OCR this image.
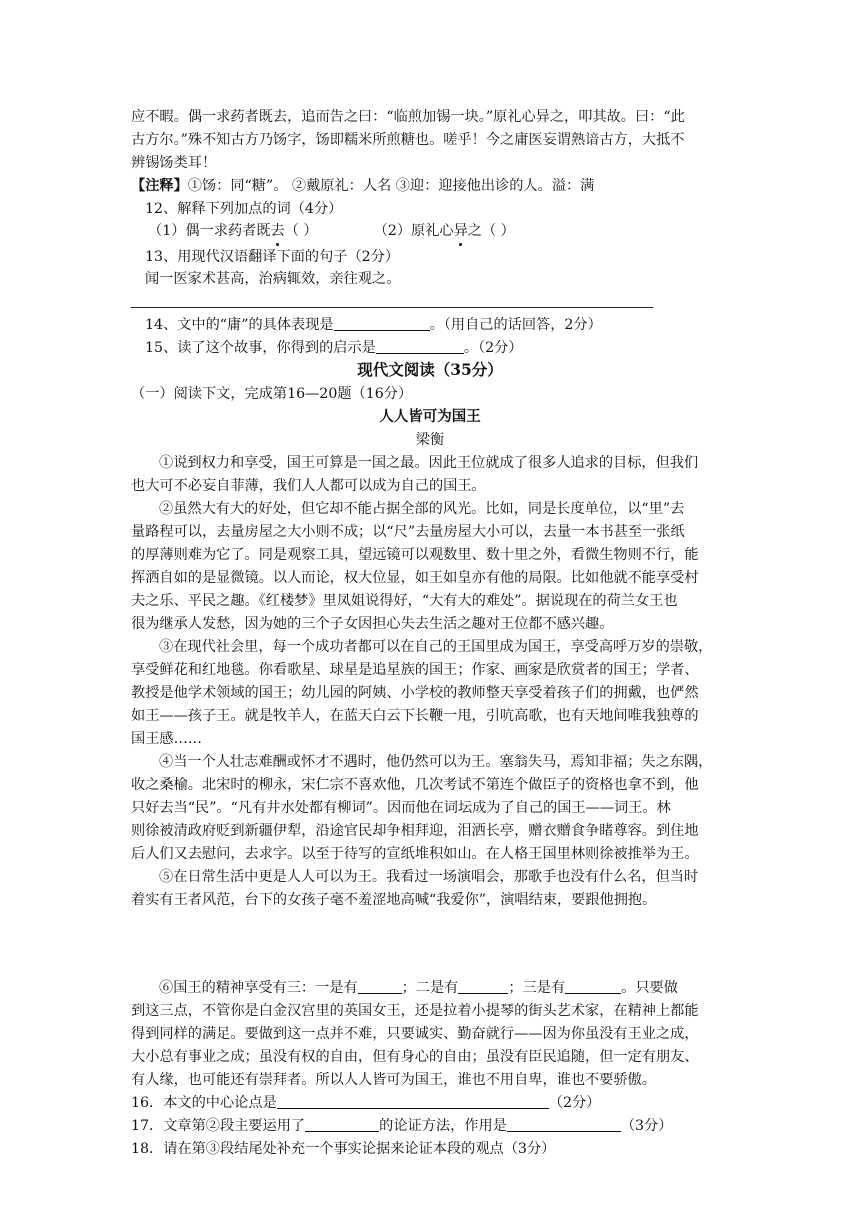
应不暇。偶一求药者既去，追而告之曰：“临煎加锡一块。”原礼心异之，叩其故。曰：“此
古方尔。”殊不知古方乃饧字，饧即糯米所煎糖也。嗟乎！今之庸医妄谓熟谙古方，大抵不
辨锡饧类耳！
【注释】①饧：同“糖”。 ②戴原礼：人名 ③迎：迎接他出诊的人。溢：满
12、解释下列加点的词（4分）
（1）偶一求药者既去（ ）	（2）原礼心异之（ ）
13、用现代汉语翻译下面的句子（2分）
闻一医家术甚高，治病辄效，亲往观之。
14、文中的“庸”的具体表现是	。（用自己的话回答，2分）
15、读了这个故事，你得到的启示是	。（2分）
现代文阅读（35分）
（一）阅读下文，完成第16—20题（16分）
人人皆可为国王
梁衡
①说到权力和享受，国王可算是一国之最。因此王位就成了很多人追求的目标，但我们
也大可不必妄自菲薄，我们人人都可以成为自己的国王。
②虽然大有大的好处，但它却不能占据全部的风光。比如，同是长度单位，以“里”去
量路程可以，去量房屋之大小则不成；以“尺”去量房屋大小可以，去量一本书甚至一张纸
的厚薄则难为它了。同是观察工具，望远镜可以观数里、数十里之外，看微生物则不行，能
挥洒自如的是显微镜。以人而论，权大位显，如王如皇亦有他的局限。比如他就不能享受村
夫之乐、平民之趣。《红楼梦》里凤姐说得好，“大有大的难处”。据说现在的荷兰女王也
很为继承人发愁，因为她的三个子女因担心失去生活之趣对王位都不感兴趣。
③在现代社会里，每一个成功者都可以在自己的王国里成为国王，享受高呼万岁的崇敬，
享受鲜花和红地毯。你看歌星、球星是追星族的国王；作家、画家是欣赏者的国王；学者、
教授是他学术领域的国王；幼儿园的阿姨、小学校的教师整天享受着孩子们的拥戴，也俨然
如王——孩子王。就是牧羊人，在蓝天白云下长鞭一甩，引吭高歌，也有天地间唯我独尊的
国王感……
④当一个人壮志难酬或怀才不遇时，他仍然可以为王。塞翁失马，焉知非福；失之东隅，
收之桑榆。北宋时的柳永，宋仁宗不喜欢他，几次考试不第连个做臣子的资格也拿不到，他
只好去当“民”。“凡有井水处都有柳词”。因而他在词坛成为了自己的国王——词王。林
则徐被清政府贬到新疆伊犁，沿途官民却争相拜迎，泪洒长亭，赠衣赠食争睹尊容。到住地
后人们又去慰问，去求字。以至于待写的宣纸堆积如山。在人格王国里林则徐被推举为王。
⑤在日常生活中更是人人可以为王。我看过一场演唱会，那歌手也没有什么名，但当时
着实有王者风范，台下的女孩子毫不羞涩地高喊“我爱你”，演唱结束，要跟他拥抱。
⑥国王的精神享受有三：一是有	；二是有	；三是有	。只要做
到这三点，不管你是白金汉宫里的英国女王，还是拉着小提琴的街头艺术家，在精神上都能
得到同样的满足。要做到这一点并不难，只要诚实、勤奋就行——因为你虽没有王业之成，
大小总有事业之成；虽没有权的自由，但有身心的自由；虽没有臣民追随，但一定有朋友、
有人缘，也可能还有崇拜者。所以人人皆可为国王，谁也不用自卑，谁也不要骄傲。
16．本文的中心论点是	（2分）
17．文章第②段主要运用了	的论证方法，作用是	（3分）
18．请在第③段结尾处补充一个事实论据来论证本段的观点（3分）
